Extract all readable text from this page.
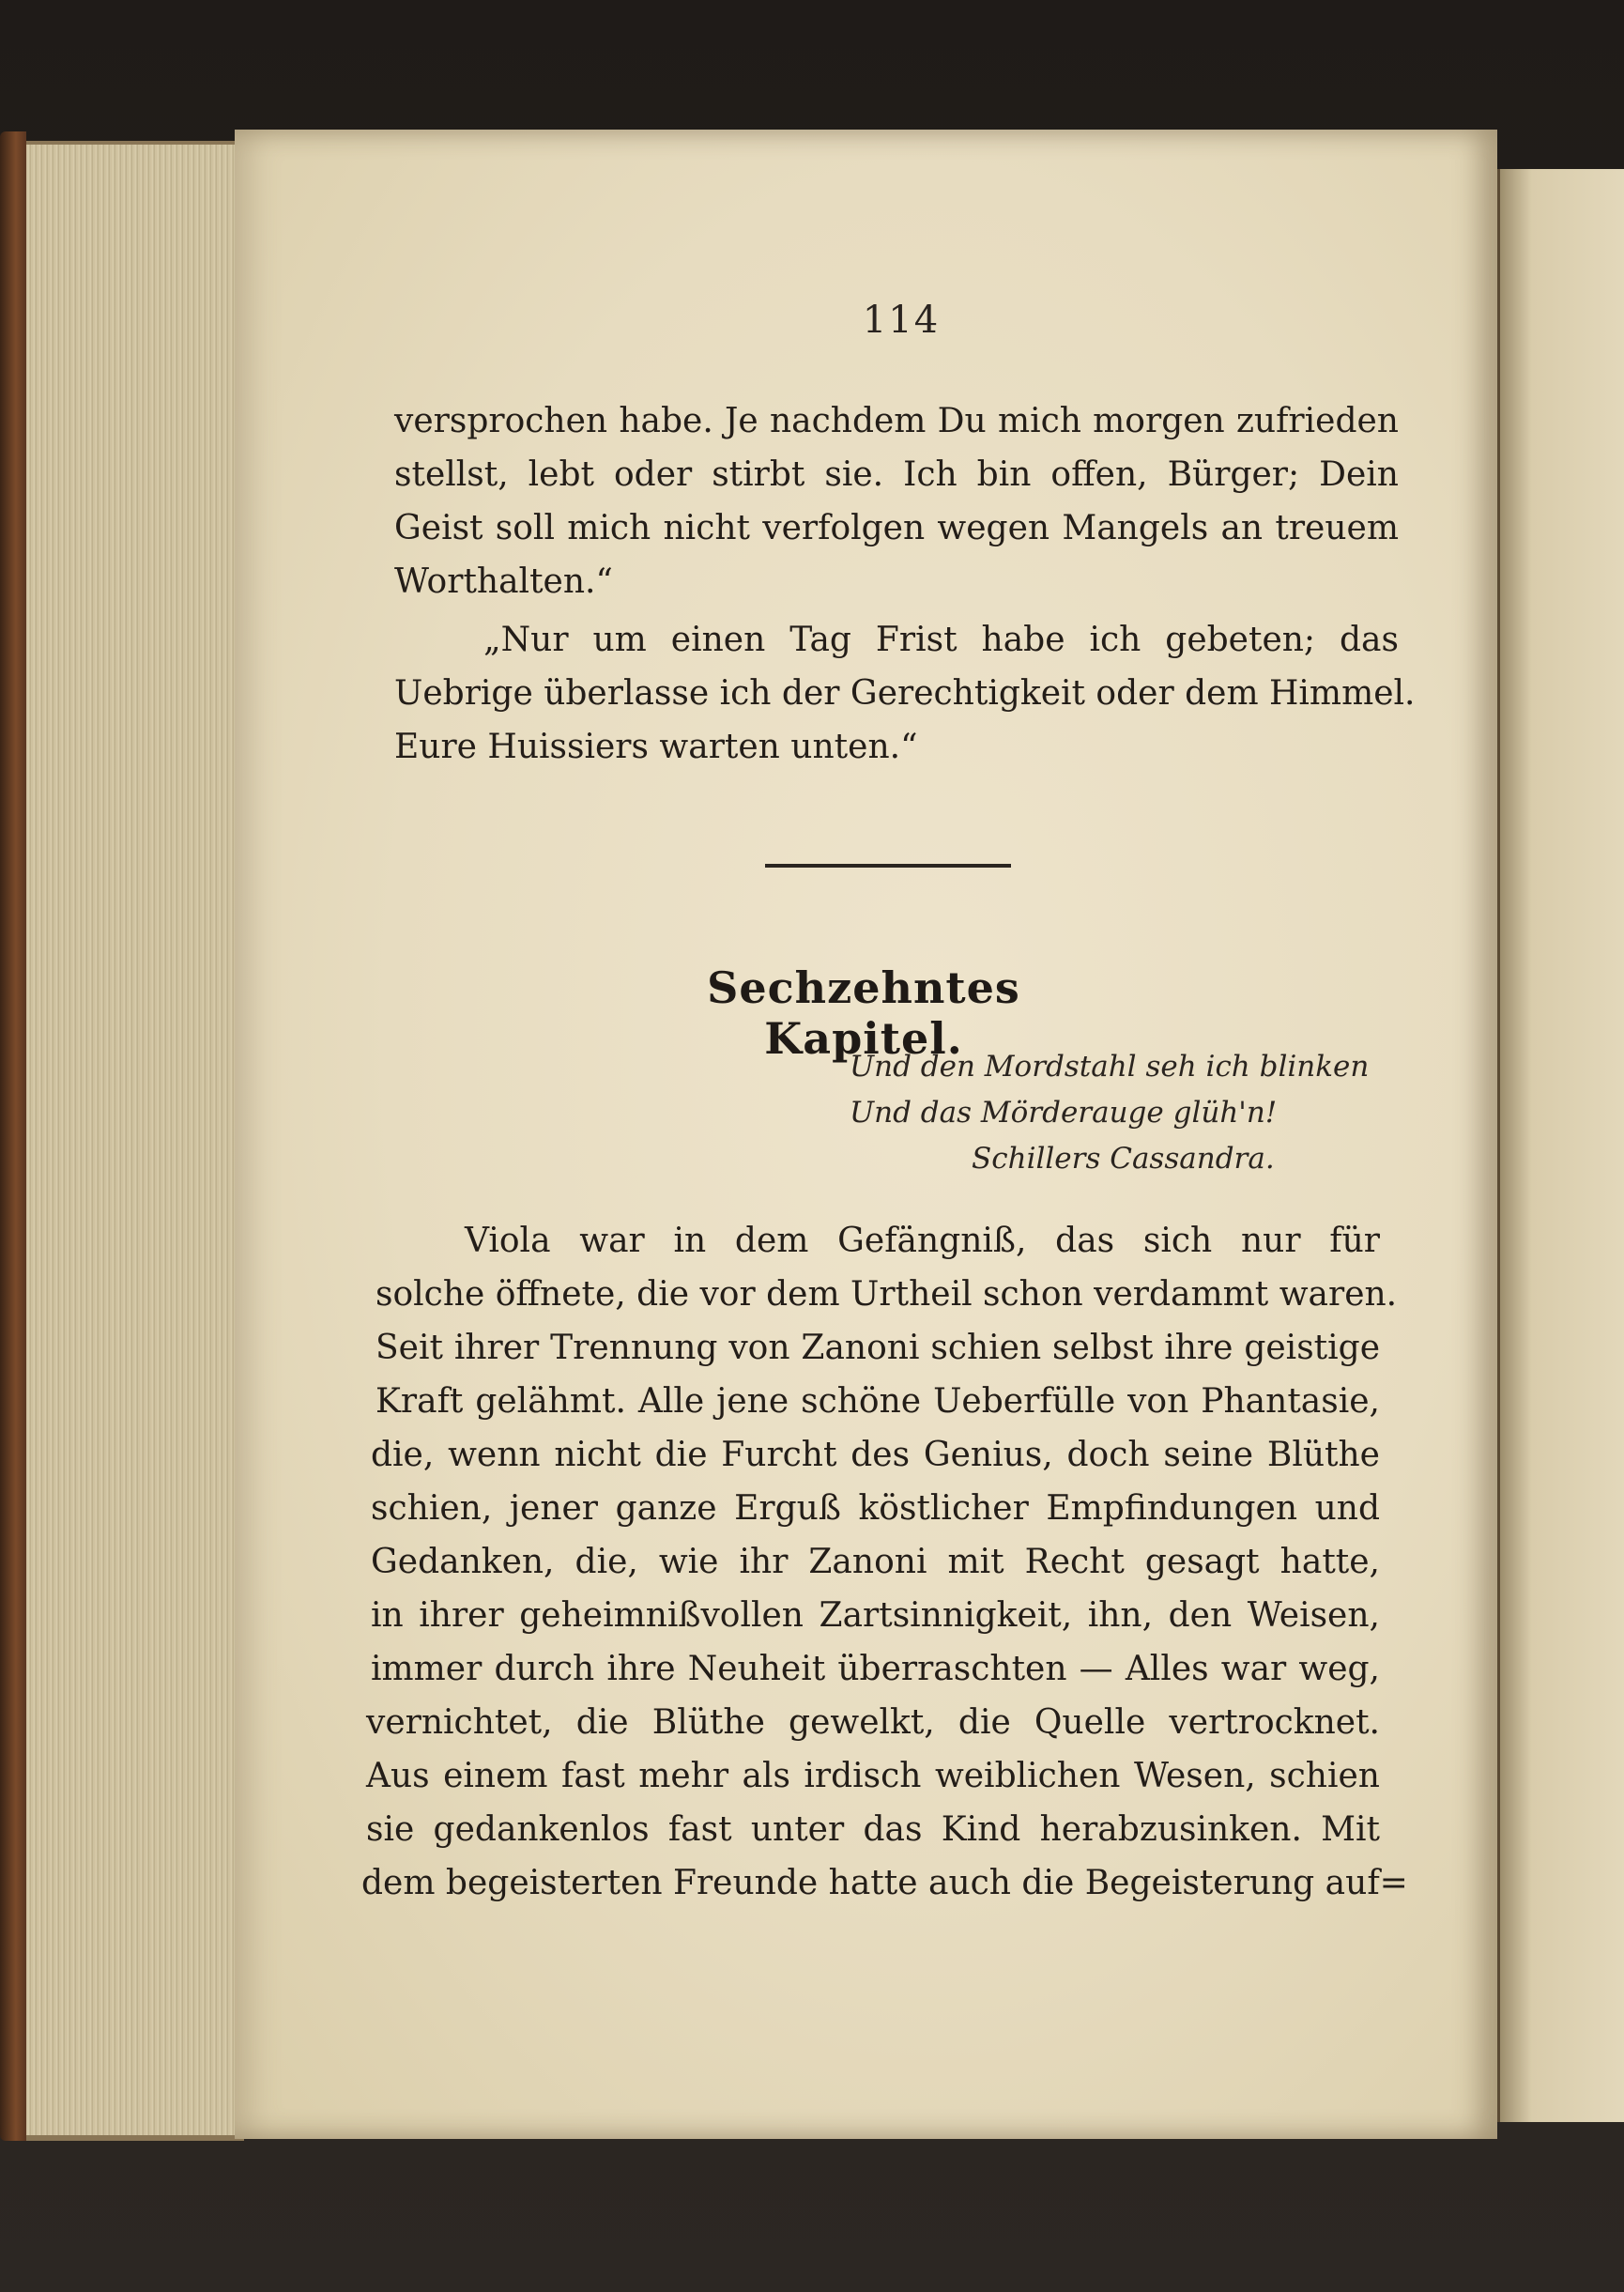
114
versprochen habe. Je nachdem Du mich morgen zufrieden
stellst, lebt oder stirbt sie. Ich bin offen, Bürger; Dein
Geist soll mich nicht verfolgen wegen Mangels an treuem
Worthalten.“
„Nur um einen Tag Frist habe ich gebeten; das
Uebrige überlasse ich der Gerechtigkeit oder dem Himmel.
Eure Huissiers warten unten.“
Sechzehntes Kapitel.
Und den Mordstahl seh ich blinken
Und das Mörderauge glüh'n!
Schillers Cassandra.
Viola war in dem Gefängniß, das sich nur für
solche öffnete, die vor dem Urtheil schon verdammt waren.
Seit ihrer Trennung von Zanoni schien selbst ihre geistige
Kraft gelähmt. Alle jene schöne Ueberfülle von Phantasie,
die, wenn nicht die Furcht des Genius, doch seine Blüthe
schien, jener ganze Erguß köstlicher Empfindungen und
Gedanken, die, wie ihr Zanoni mit Recht gesagt hatte,
in ihrer geheimnißvollen Zartsinnigkeit, ihn, den Weisen,
immer durch ihre Neuheit überraschten — Alles war weg,
vernichtet, die Blüthe gewelkt, die Quelle vertrocknet.
Aus einem fast mehr als irdisch weiblichen Wesen, schien
sie gedankenlos fast unter das Kind herabzusinken. Mit
dem begeisterten Freunde hatte auch die Begeisterung auf=
